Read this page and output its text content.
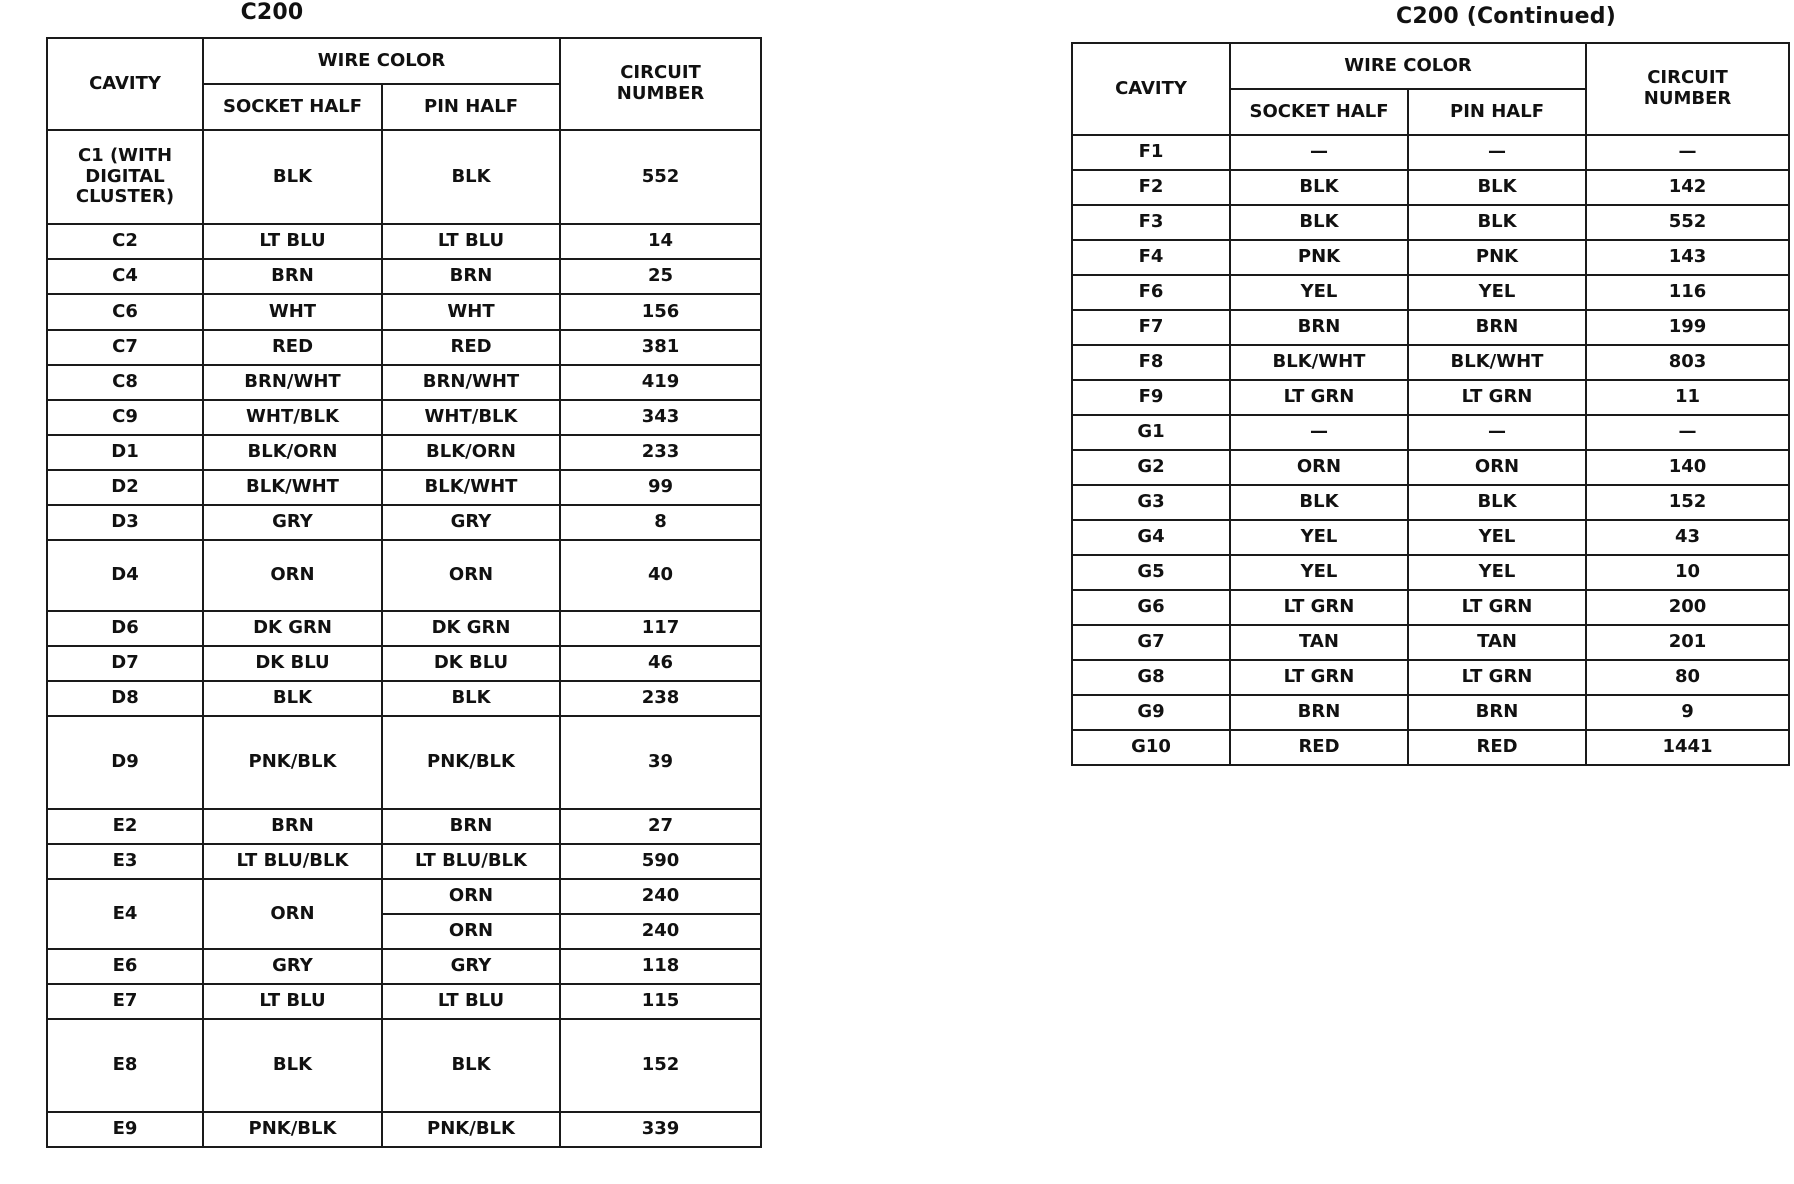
C200	C200 (Continued)
CAVITY	WIRE COLOR		CIRCUIT NUMBER
	SOCKET HALF	PIN HALF	
C1 (WITH DIGITAL CLUSTER)	BLK	BLK	552
C2	LT BLU	LT BLU	14
C4	BRN	BRN	25
C6	WHT	WHT	156
C7	RED	RED	381
C8	BRN/WHT	BRN/WHT	419
C9	WHT/BLK	WHT/BLK	343
D1	BLK/ORN	BLK/ORN	233
D2	BLK/WHT	BLK/WHT	99
D3	GRY	GRY	8
D4	ORN	ORN	40
D6	DK GRN	DK GRN	117
D7	DK BLU	DK BLU	46
D8	BLK	BLK	238
D9	PNK/BLK	PNK/BLK	39
E2	BRN	BRN	27
E3	LT BLU/BLK	LT BLU/BLK	590
E4	ORN	ORN	240
		ORN	240
E6	GRY	GRY	118
E7	LT BLU	LT BLU	115
E8	BLK	BLK	152
E9	PNK/BLK	PNK/BLK	339
CAVITY	WIRE COLOR		CIRCUIT NUMBER
	SOCKET HALF	PIN HALF	
F1	—	—	—
F2	BLK	BLK	142
F3	BLK	BLK	552
F4	PNK	PNK	143
F6	YEL	YEL	116
F7	BRN	BRN	199
F8	BLK/WHT	BLK/WHT	803
F9	LT GRN	LT GRN	11
G1	—	—	—
G2	ORN	ORN	140
G3	BLK	BLK	152
G4	YEL	YEL	43
G5	YEL	YEL	10
G6	LT GRN	LT GRN	200
G7	TAN	TAN	201
G8	LT GRN	LT GRN	80
G9	BRN	BRN	9
G10	RED	RED	1441
